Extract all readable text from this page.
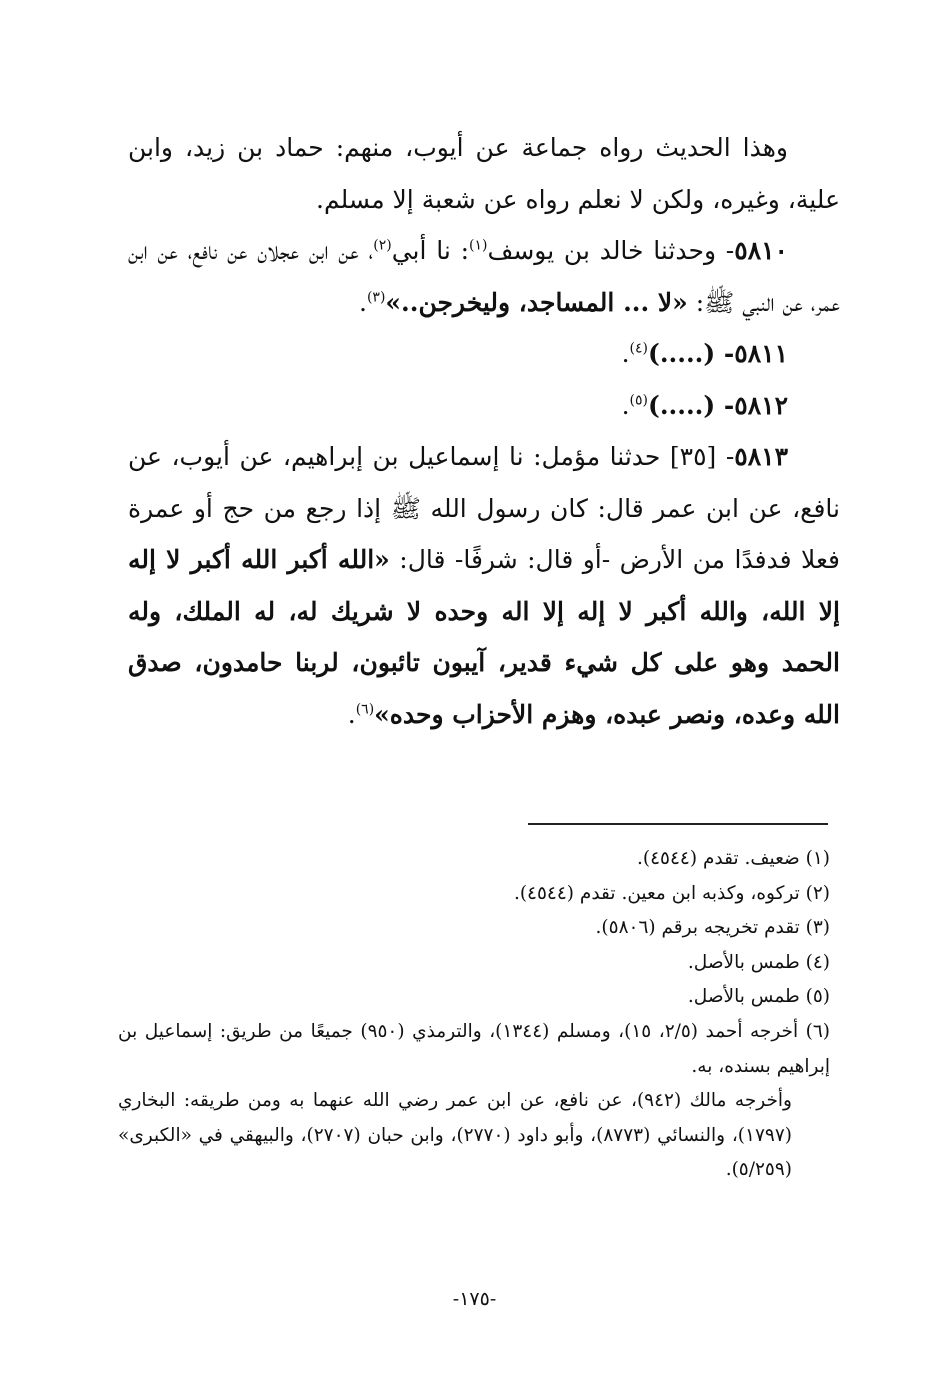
وهذا الحديث رواه جماعة عن أيوب، منهم: حماد بن زيد، وابن علية، وغيره، ولكن لا نعلم رواه عن شعبة إلا مسلم.

٥٨١٠- وحدثنا خالد بن يوسف$^{(١)}$: نا أبي$^{(٢)}$، عن ابن عجلان عن نافع، عن ابن عمر، عن النبي ﷺ: «لا ... المساجد، وليخرجن..»$^{(٣)}$.

٥٨١١- (.....)$^{(٤)}$.

٥٨١٢- (.....)$^{(٥)}$.

٥٨١٣- [٣٥] حدثنا مؤمل: نا إسماعيل بن إبراهيم، عن أيوب، عن نافع، عن ابن عمر قال: كان رسول الله ﷺ إذا رجع من حج أو عمرة فعلا فدفدًا من الأرض -أو قال: شرفًا- قال: «الله أكبر الله أكبر لا إله إلا الله، والله أكبر لا إله إلا اله وحده لا شريك له، له الملك، وله الحمد وهو على كل شيء قدير، آيبون تائبون، لربنا حامدون، صدق الله وعده، ونصر عبده، وهزم الأحزاب وحده»$^{(٦)}$.

(١) ضعيف. تقدم (٤٥٤٤).

(٢) تركوه، وكذبه ابن معين. تقدم (٤٥٤٤).

(٣) تقدم تخريجه برقم (٥٨٠٦).

(٤) طمس بالأصل.

(٥) طمس بالأصل.

(٦) أخرجه أحمد (٢/٥، ١٥)، ومسلم (١٣٤٤)، والترمذي (٩٥٠) جميعًا من طريق: إسماعيل بن إبراهيم بسنده، به.

وأخرجه مالك (٩٤٢)، عن نافع، عن ابن عمر رضي الله عنهما به ومن طريقه: البخاري (١٧٩٧)، والنسائي (٨٧٧٣)، وأبو داود (٢٧٧٠)، وابن حبان (٢٧٠٧)، والبيهقي في «الكبرى» (٥/٢٥٩).

-١٧٥-
